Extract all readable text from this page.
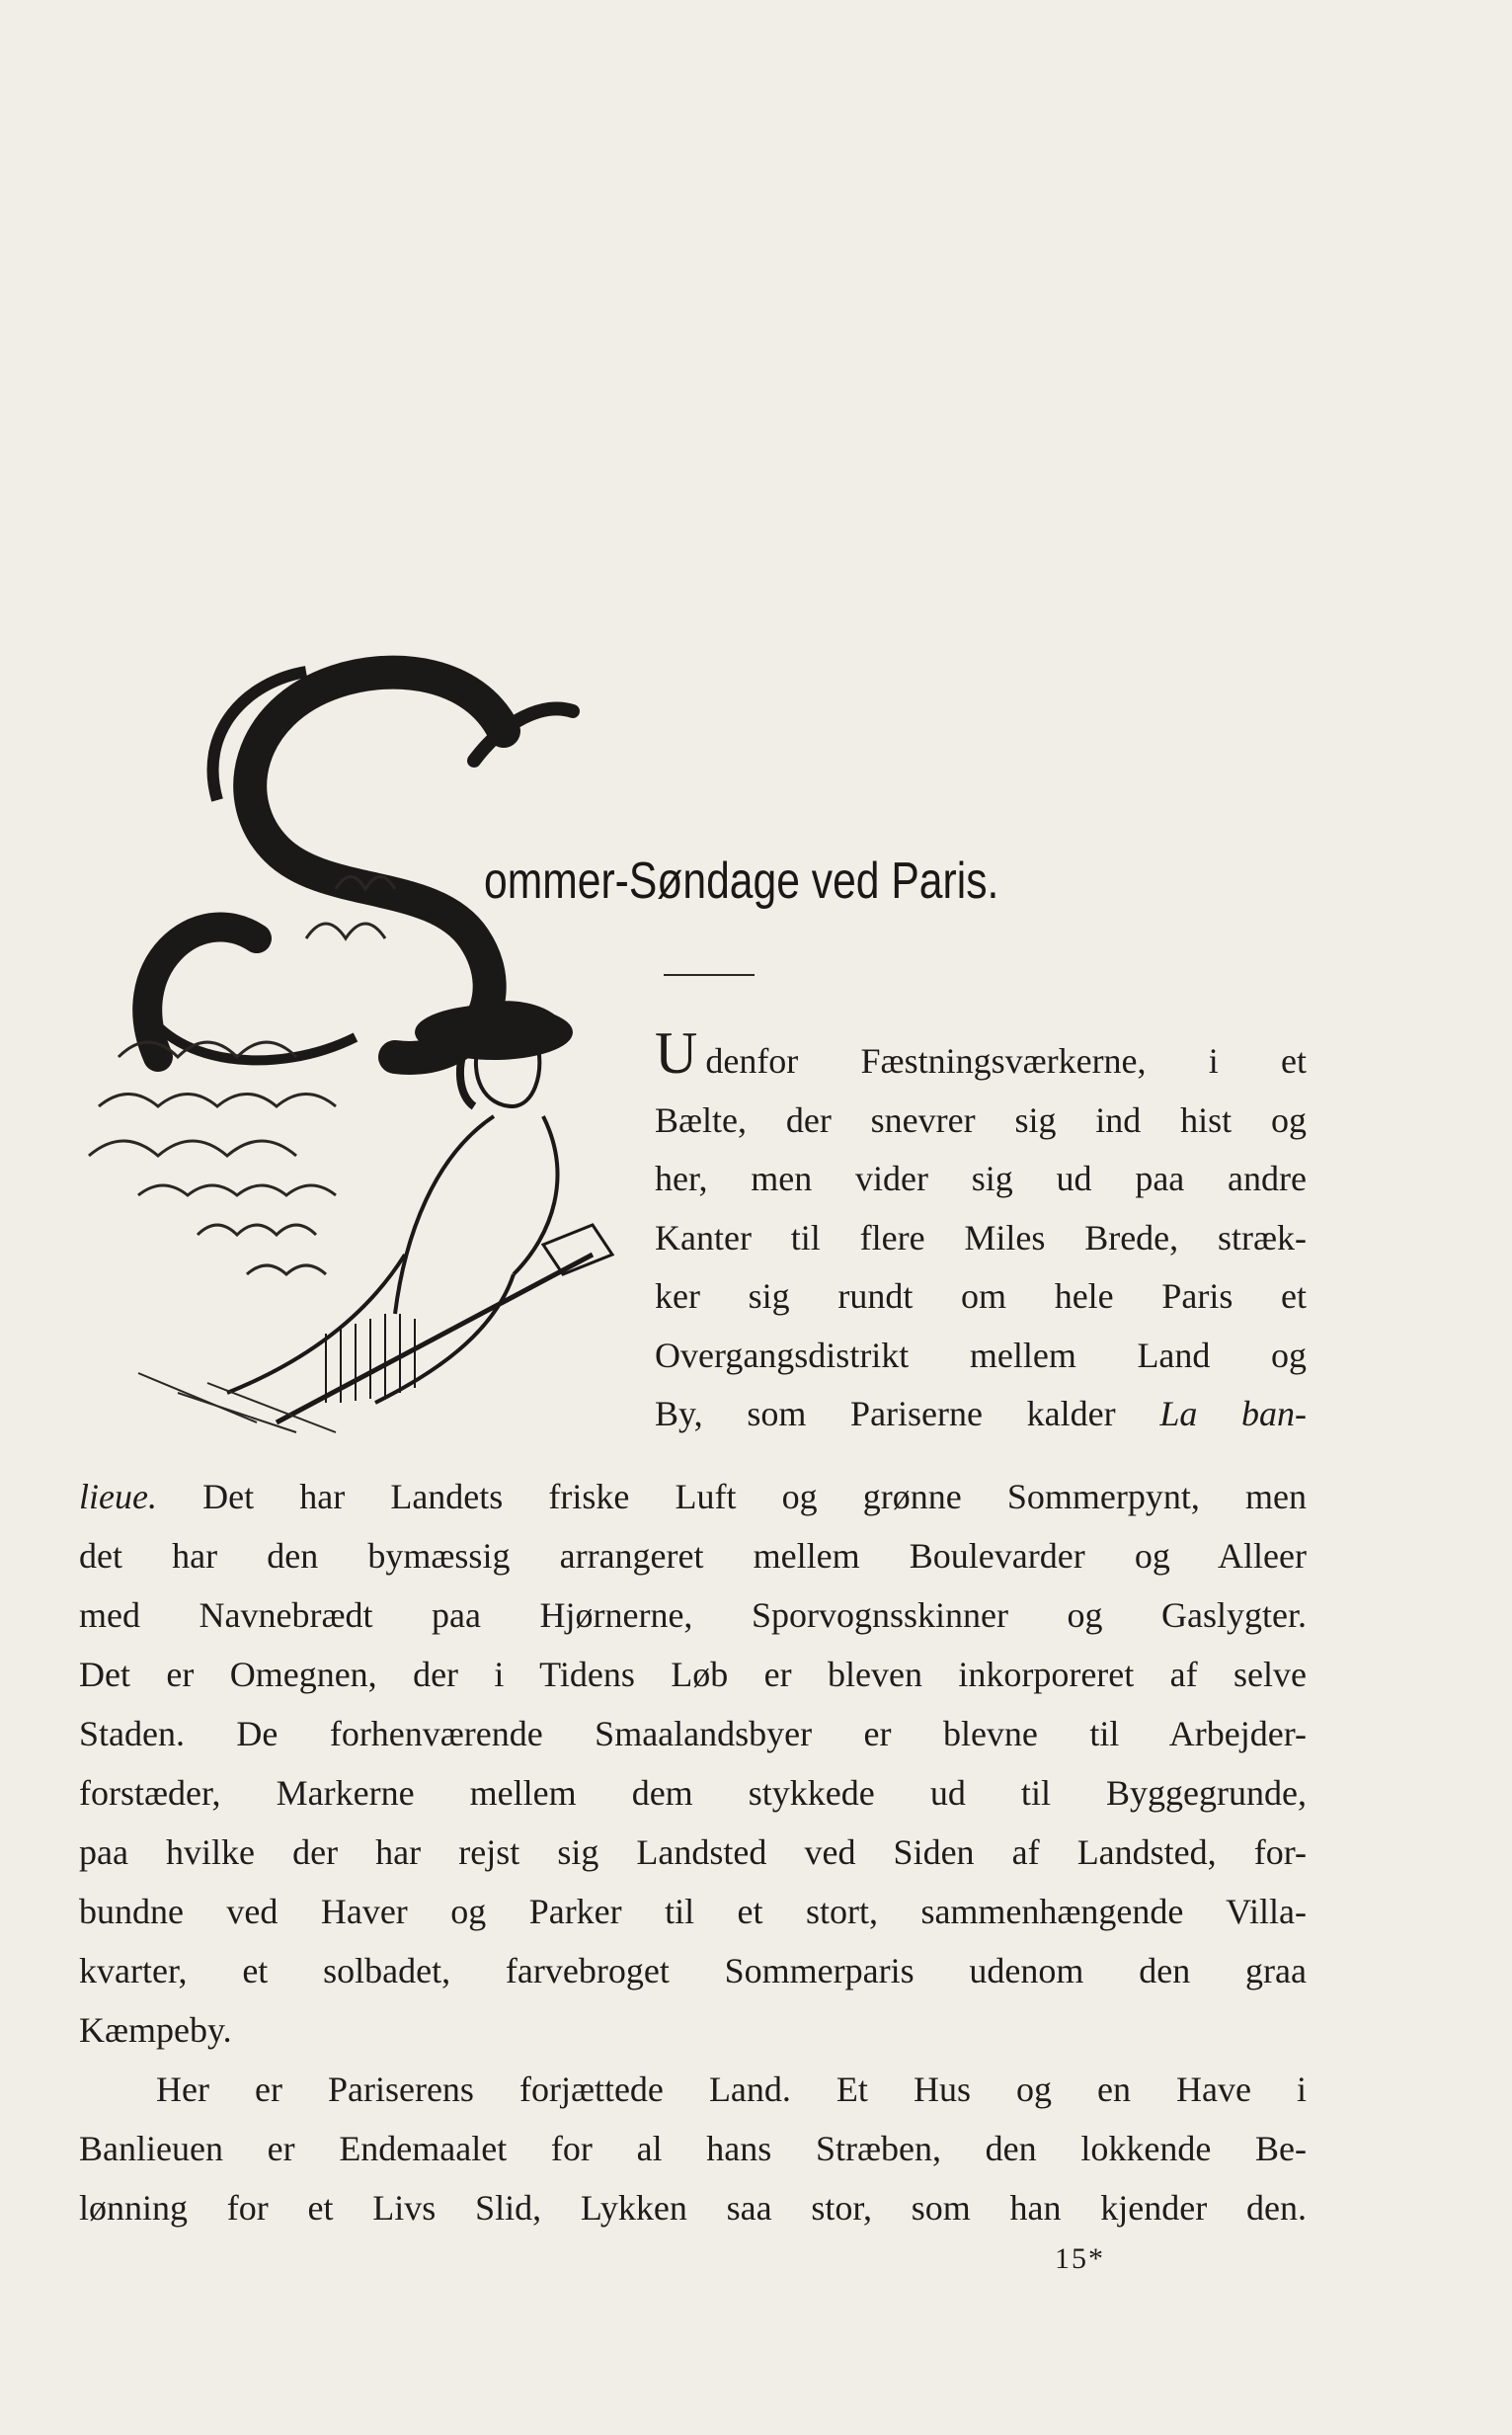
ommer-Søndage ved Paris.
Udenfor Fæstningsværkerne, i et
Bælte, der snevrer sig ind hist og
her, men vider sig ud paa andre
Kanter til flere Miles Brede, stræk-
ker sig rundt om hele Paris et
Overgangsdistrikt mellem Land og
By, som Pariserne kalder La ban-
lieue. Det har Landets friske Luft og grønne Sommerpynt, men
det har den bymæssig arrangeret mellem Boulevarder og Alleer
med Navnebrædt paa Hjørnerne, Sporvognsskinner og Gaslygter.
Det er Omegnen, der i Tidens Løb er bleven inkorporeret af selve
Staden. De forhenværende Smaalandsbyer er blevne til Arbejder-
forstæder, Markerne mellem dem stykkede ud til Byggegrunde,
paa hvilke der har rejst sig Landsted ved Siden af Landsted, for-
bundne ved Haver og Parker til et stort, sammenhængende Villa-
kvarter, et solbadet, farvebroget Sommerparis udenom den graa
Kæmpeby.
Her er Pariserens forjættede Land. Et Hus og en Have i
Banlieuen er Endemaalet for al hans Stræben, den lokkende Be-
lønning for et Livs Slid, Lykken saa stor, som han kjender den.
15*
